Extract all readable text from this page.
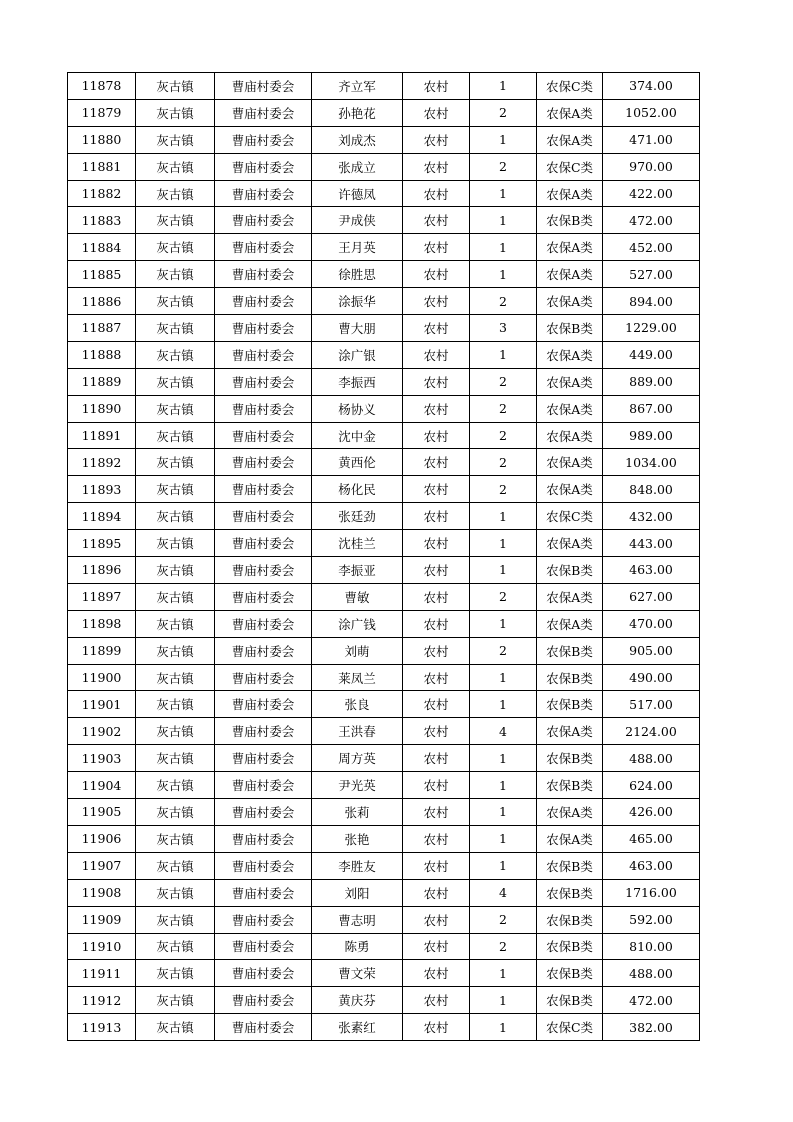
11878	灰古镇	曹庙村委会	齐立军	农村	1	农保C类	374.00
11879	灰古镇	曹庙村委会	孙艳花	农村	2	农保A类	1052.00
11880	灰古镇	曹庙村委会	刘成杰	农村	1	农保A类	471.00
11881	灰古镇	曹庙村委会	张成立	农村	2	农保C类	970.00
11882	灰古镇	曹庙村委会	许德凤	农村	1	农保A类	422.00
11883	灰古镇	曹庙村委会	尹成侠	农村	1	农保B类	472.00
11884	灰古镇	曹庙村委会	王月英	农村	1	农保A类	452.00
11885	灰古镇	曹庙村委会	徐胜思	农村	1	农保A类	527.00
11886	灰古镇	曹庙村委会	涂振华	农村	2	农保A类	894.00
11887	灰古镇	曹庙村委会	曹大朋	农村	3	农保B类	1229.00
11888	灰古镇	曹庙村委会	涂广银	农村	1	农保A类	449.00
11889	灰古镇	曹庙村委会	李振西	农村	2	农保A类	889.00
11890	灰古镇	曹庙村委会	杨协义	农村	2	农保A类	867.00
11891	灰古镇	曹庙村委会	沈中金	农村	2	农保A类	989.00
11892	灰古镇	曹庙村委会	黄西伦	农村	2	农保A类	1034.00
11893	灰古镇	曹庙村委会	杨化民	农村	2	农保A类	848.00
11894	灰古镇	曹庙村委会	张廷劲	农村	1	农保C类	432.00
11895	灰古镇	曹庙村委会	沈桂兰	农村	1	农保A类	443.00
11896	灰古镇	曹庙村委会	李振亚	农村	1	农保B类	463.00
11897	灰古镇	曹庙村委会	曹敏	农村	2	农保A类	627.00
11898	灰古镇	曹庙村委会	涂广钱	农村	1	农保A类	470.00
11899	灰古镇	曹庙村委会	刘萌	农村	2	农保B类	905.00
11900	灰古镇	曹庙村委会	莱凤兰	农村	1	农保B类	490.00
11901	灰古镇	曹庙村委会	张良	农村	1	农保B类	517.00
11902	灰古镇	曹庙村委会	王洪春	农村	4	农保A类	2124.00
11903	灰古镇	曹庙村委会	周方英	农村	1	农保B类	488.00
11904	灰古镇	曹庙村委会	尹光英	农村	1	农保B类	624.00
11905	灰古镇	曹庙村委会	张莉	农村	1	农保A类	426.00
11906	灰古镇	曹庙村委会	张艳	农村	1	农保A类	465.00
11907	灰古镇	曹庙村委会	李胜友	农村	1	农保B类	463.00
11908	灰古镇	曹庙村委会	刘阳	农村	4	农保B类	1716.00
11909	灰古镇	曹庙村委会	曹志明	农村	2	农保B类	592.00
11910	灰古镇	曹庙村委会	陈勇	农村	2	农保B类	810.00
11911	灰古镇	曹庙村委会	曹文荣	农村	1	农保B类	488.00
11912	灰古镇	曹庙村委会	黄庆芬	农村	1	农保B类	472.00
11913	灰古镇	曹庙村委会	张素红	农村	1	农保C类	382.00
